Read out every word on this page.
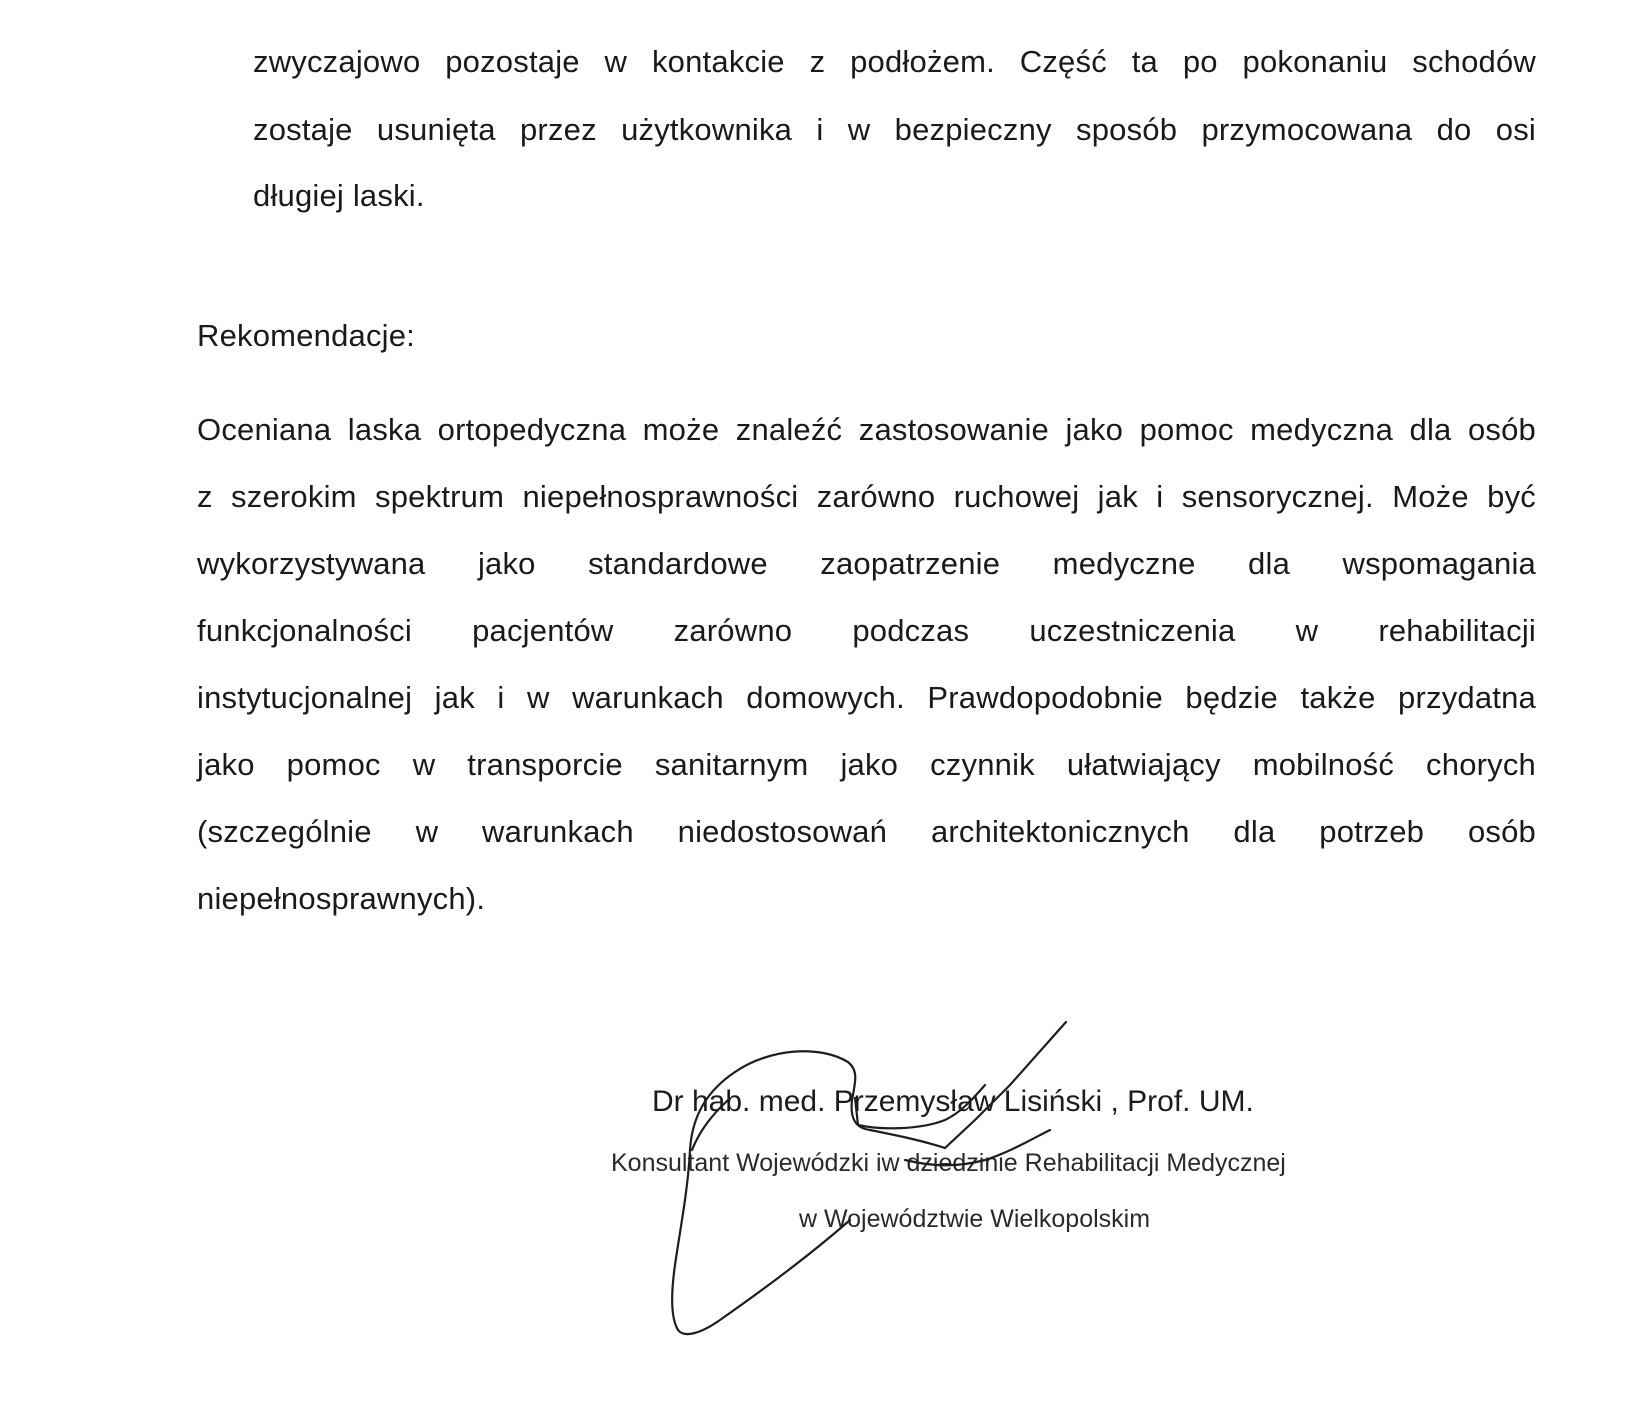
zwyczajowo pozostaje w kontakcie z podłożem. Część ta po pokonaniu schodów
zostaje usunięta przez użytkownika i w bezpieczny sposób przymocowana do osi
długiej laski.
Rekomendacje:
Oceniana laska ortopedyczna może znaleźć zastosowanie jako pomoc medyczna dla osób
z szerokim spektrum niepełnosprawności zarówno ruchowej jak i sensorycznej. Może być
wykorzystywana jako standardowe zaopatrzenie medyczne dla wspomagania
funkcjonalności pacjentów zarówno podczas uczestniczenia w rehabilitacji
instytucjonalnej jak i w warunkach domowych. Prawdopodobnie będzie także przydatna
jako pomoc w transporcie sanitarnym jako czynnik ułatwiający mobilność chorych
(szczególnie w warunkach niedostosowań architektonicznych dla potrzeb osób
niepełnosprawnych).
Dr hab. med. Przemysław Lisiński , Prof. UM.
Konsultant Wojewódzki iw dziedzinie Rehabilitacji Medycznej
w Województwie Wielkopolskim
